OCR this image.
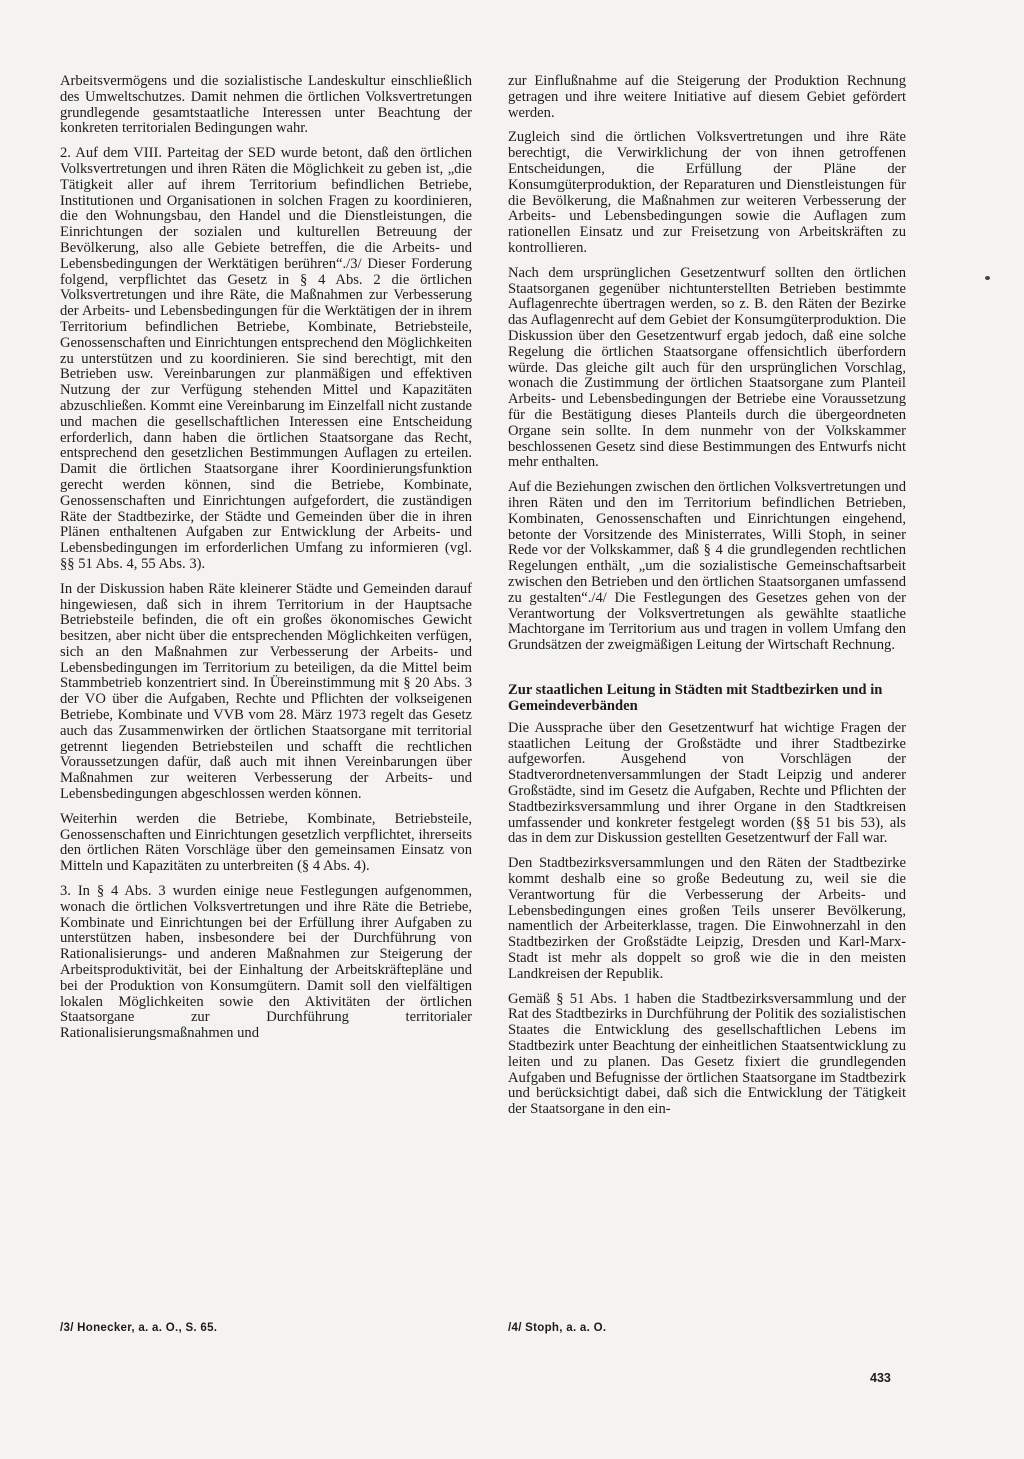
Arbeitsvermögens und die sozialistische Landeskultur einschließlich des Umweltschutzes. Damit nehmen die örtlichen Volksvertretungen grundlegende gesamtstaatliche Interessen unter Beachtung der konkreten territorialen Bedingungen wahr.

2. Auf dem VIII. Parteitag der SED wurde betont, daß den örtlichen Volksvertretungen und ihren Räten die Möglichkeit zu geben ist, „die Tätigkeit aller auf ihrem Territorium befindlichen Betriebe, Institutionen und Organisationen in solchen Fragen zu koordinieren, die den Wohnungsbau, den Handel und die Dienstleistungen, die Einrichtungen der sozialen und kulturellen Betreuung der Bevölkerung, also alle Gebiete betreffen, die die Arbeits- und Lebensbedingungen der Werktätigen berühren“./3/ Dieser Forderung folgend, verpflichtet das Gesetz in § 4 Abs. 2 die örtlichen Volksvertretungen und ihre Räte, die Maßnahmen zur Verbesserung der Arbeits- und Lebensbedingungen für die Werktätigen der in ihrem Territorium befindlichen Betriebe, Kombinate, Betriebsteile, Genossenschaften und Einrichtungen entsprechend den Möglichkeiten zu unterstützen und zu koordinieren. Sie sind berechtigt, mit den Betrieben usw. Vereinbarungen zur planmäßigen und effektiven Nutzung der zur Verfügung stehenden Mittel und Kapazitäten abzuschließen. Kommt eine Vereinbarung im Einzelfall nicht zustande und machen die gesellschaftlichen Interessen eine Entscheidung erforderlich, dann haben die örtlichen Staatsorgane das Recht, entsprechend den gesetzlichen Bestimmungen Auflagen zu erteilen. Damit die örtlichen Staatsorgane ihrer Koordinierungsfunktion gerecht werden können, sind die Betriebe, Kombinate, Genossenschaften und Einrichtungen aufgefordert, die zuständigen Räte der Stadtbezirke, der Städte und Gemeinden über die in ihren Plänen enthaltenen Aufgaben zur Entwicklung der Arbeits- und Lebensbedingungen im erforderlichen Umfang zu informieren (vgl. §§ 51 Abs. 4, 55 Abs. 3).

In der Diskussion haben Räte kleinerer Städte und Gemeinden darauf hingewiesen, daß sich in ihrem Territorium in der Hauptsache Betriebsteile befinden, die oft ein großes ökonomisches Gewicht besitzen, aber nicht über die entsprechenden Möglichkeiten verfügen, sich an den Maßnahmen zur Verbesserung der Arbeits- und Lebensbedingungen im Territorium zu beteiligen, da die Mittel beim Stammbetrieb konzentriert sind. In Übereinstimmung mit § 20 Abs. 3 der VO über die Aufgaben, Rechte und Pflichten der volkseigenen Betriebe, Kombinate und VVB vom 28. März 1973 regelt das Gesetz auch das Zusammenwirken der örtlichen Staatsorgane mit territorial getrennt liegenden Betriebsteilen und schafft die rechtlichen Voraussetzungen dafür, daß auch mit ihnen Vereinbarungen über Maßnahmen zur weiteren Verbesserung der Arbeits- und Lebensbedingungen abgeschlossen werden können.

Weiterhin werden die Betriebe, Kombinate, Betriebsteile, Genossenschaften und Einrichtungen gesetzlich verpflichtet, ihrerseits den örtlichen Räten Vorschläge über den gemeinsamen Einsatz von Mitteln und Kapazitäten zu unterbreiten (§ 4 Abs. 4).

3. In § 4 Abs. 3 wurden einige neue Festlegungen aufgenommen, wonach die örtlichen Volksvertretungen und ihre Räte die Betriebe, Kombinate und Einrichtungen bei der Erfüllung ihrer Aufgaben zu unterstützen haben, insbesondere bei der Durchführung von Rationalisierungs- und anderen Maßnahmen zur Steigerung der Arbeitsproduktivität, bei der Einhaltung der Arbeitskräftepläne und bei der Produktion von Konsumgütern. Damit soll den vielfältigen lokalen Möglichkeiten sowie den Aktivitäten der örtlichen Staatsorgane zur Durchführung territorialer Rationalisierungsmaßnahmen und

zur Einflußnahme auf die Steigerung der Produktion Rechnung getragen und ihre weitere Initiative auf diesem Gebiet gefördert werden.

Zugleich sind die örtlichen Volksvertretungen und ihre Räte berechtigt, die Verwirklichung der von ihnen getroffenen Entscheidungen, die Erfüllung der Pläne der Konsumgüterproduktion, der Reparaturen und Dienstleistungen für die Bevölkerung, die Maßnahmen zur weiteren Verbesserung der Arbeits- und Lebensbedingungen sowie die Auflagen zum rationellen Einsatz und zur Freisetzung von Arbeitskräften zu kontrollieren.

Nach dem ursprünglichen Gesetzentwurf sollten den örtlichen Staatsorganen gegenüber nichtunterstellten Betrieben bestimmte Auflagenrechte übertragen werden, so z. B. den Räten der Bezirke das Auflagenrecht auf dem Gebiet der Konsumgüterproduktion. Die Diskussion über den Gesetzentwurf ergab jedoch, daß eine solche Regelung die örtlichen Staatsorgane offensichtlich überfordern würde. Das gleiche gilt auch für den ursprünglichen Vorschlag, wonach die Zustimmung der örtlichen Staatsorgane zum Planteil Arbeits- und Lebensbedingungen der Betriebe eine Voraussetzung für die Bestätigung dieses Planteils durch die übergeordneten Organe sein sollte. In dem nunmehr von der Volkskammer beschlossenen Gesetz sind diese Bestimmungen des Entwurfs nicht mehr enthalten.

Auf die Beziehungen zwischen den örtlichen Volksvertretungen und ihren Räten und den im Territorium befindlichen Betrieben, Kombinaten, Genossenschaften und Einrichtungen eingehend, betonte der Vorsitzende des Ministerrates, Willi Stoph, in seiner Rede vor der Volkskammer, daß § 4 die grundlegenden rechtlichen Regelungen enthält, „um die sozialistische Gemeinschaftsarbeit zwischen den Betrieben und den örtlichen Staatsorganen umfassend zu gestalten“./4/ Die Festlegungen des Gesetzes gehen von der Verantwortung der Volksvertretungen als gewählte staatliche Machtorgane im Territorium aus und tragen in vollem Umfang den Grundsätzen der zweigmäßigen Leitung der Wirtschaft Rechnung.

Zur staatlichen Leitung in Städten mit Stadtbezirken und in Gemeindeverbänden

Die Aussprache über den Gesetzentwurf hat wichtige Fragen der staatlichen Leitung der Großstädte und ihrer Stadtbezirke aufgeworfen. Ausgehend von Vorschlägen der Stadtverordnetenversammlungen der Stadt Leipzig und anderer Großstädte, sind im Gesetz die Aufgaben, Rechte und Pflichten der Stadtbezirksversammlung und ihrer Organe in den Stadtkreisen umfassender und konkreter festgelegt worden (§§ 51 bis 53), als das in dem zur Diskussion gestellten Gesetzentwurf der Fall war.

Den Stadtbezirksversammlungen und den Räten der Stadtbezirke kommt deshalb eine so große Bedeutung zu, weil sie die Verantwortung für die Verbesserung der Arbeits- und Lebensbedingungen eines großen Teils unserer Bevölkerung, namentlich der Arbeiterklasse, tragen. Die Einwohnerzahl in den Stadtbezirken der Großstädte Leipzig, Dresden und Karl-Marx-Stadt ist mehr als doppelt so groß wie die in den meisten Landkreisen der Republik.

Gemäß § 51 Abs. 1 haben die Stadtbezirksversammlung und der Rat des Stadtbezirks in Durchführung der Politik des sozialistischen Staates die Entwicklung des gesellschaftlichen Lebens im Stadtbezirk unter Beachtung der einheitlichen Staatsentwicklung zu leiten und zu planen. Das Gesetz fixiert die grundlegenden Aufgaben und Befugnisse der örtlichen Staatsorgane im Stadtbezirk und berücksichtigt dabei, daß sich die Entwicklung der Tätigkeit der Staatsorgane in den ein-

/3/ Honecker, a. a. O., S. 65.	/4/ Stoph, a. a. O.

433
